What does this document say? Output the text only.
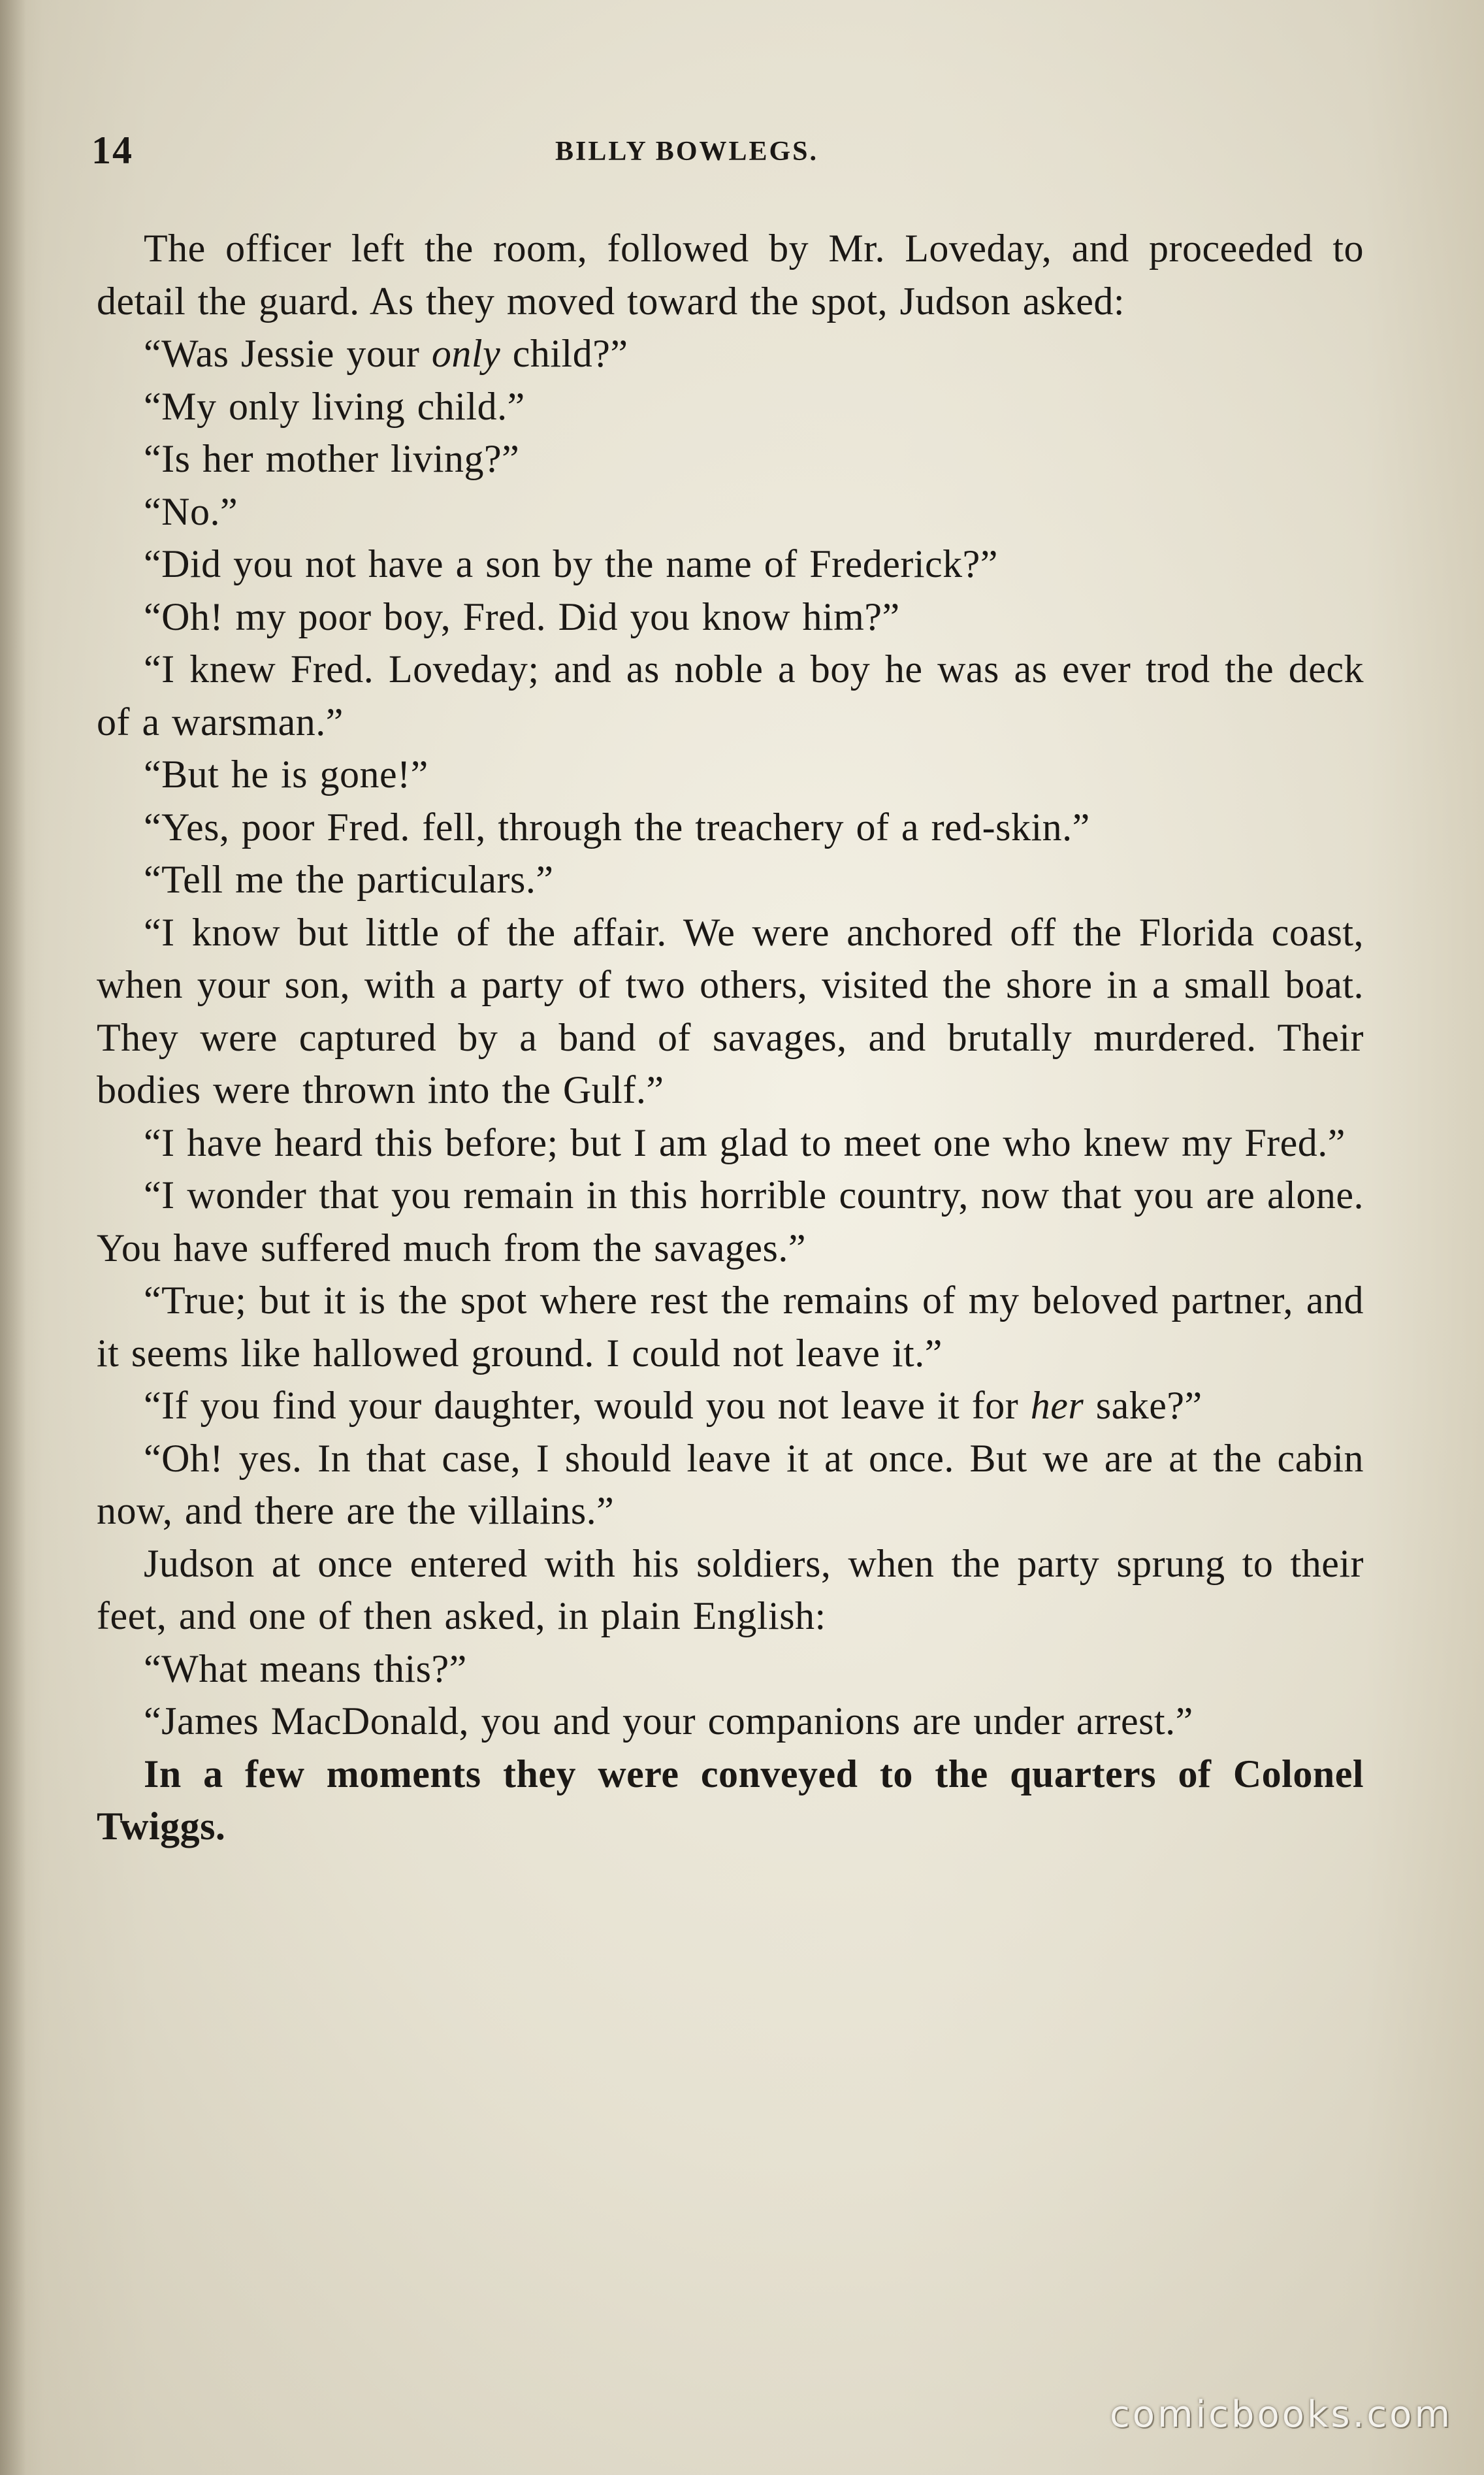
14	BILLY BOWLEGS.

The officer left the room, followed by Mr. Loveday, and proceeded to detail the guard. As they moved toward the spot, Judson asked:

“Was Jessie your only child?”

“My only living child.”

“Is her mother living?”

“No.”

“Did you not have a son by the name of Frederick?”

“Oh! my poor boy, Fred. Did you know him?”

“I knew Fred. Loveday; and as noble a boy he was as ever trod the deck of a warsman.”

“But he is gone!”

“Yes, poor Fred. fell, through the treachery of a red-skin.”

“Tell me the particulars.”

“I know but little of the affair. We were anchored off the Florida coast, when your son, with a party of two others, visited the shore in a small boat. They were captured by a band of savages, and brutally murdered. Their bodies were thrown into the Gulf.”

“I have heard this before; but I am glad to meet one who knew my Fred.”

“I wonder that you remain in this horrible country, now that you are alone. You have suffered much from the savages.”

“True; but it is the spot where rest the remains of my beloved partner, and it seems like hallowed ground. I could not leave it.”

“If you find your daughter, would you not leave it for her sake?”

“Oh! yes. In that case, I should leave it at once. But we are at the cabin now, and there are the villains.”

Judson at once entered with his soldiers, when the party sprung to their feet, and one of then asked, in plain English:

“What means this?”

“James MacDonald, you and your companions are under arrest.”

In a few moments they were conveyed to the quarters of Colonel Twiggs.

comicbooks.com
